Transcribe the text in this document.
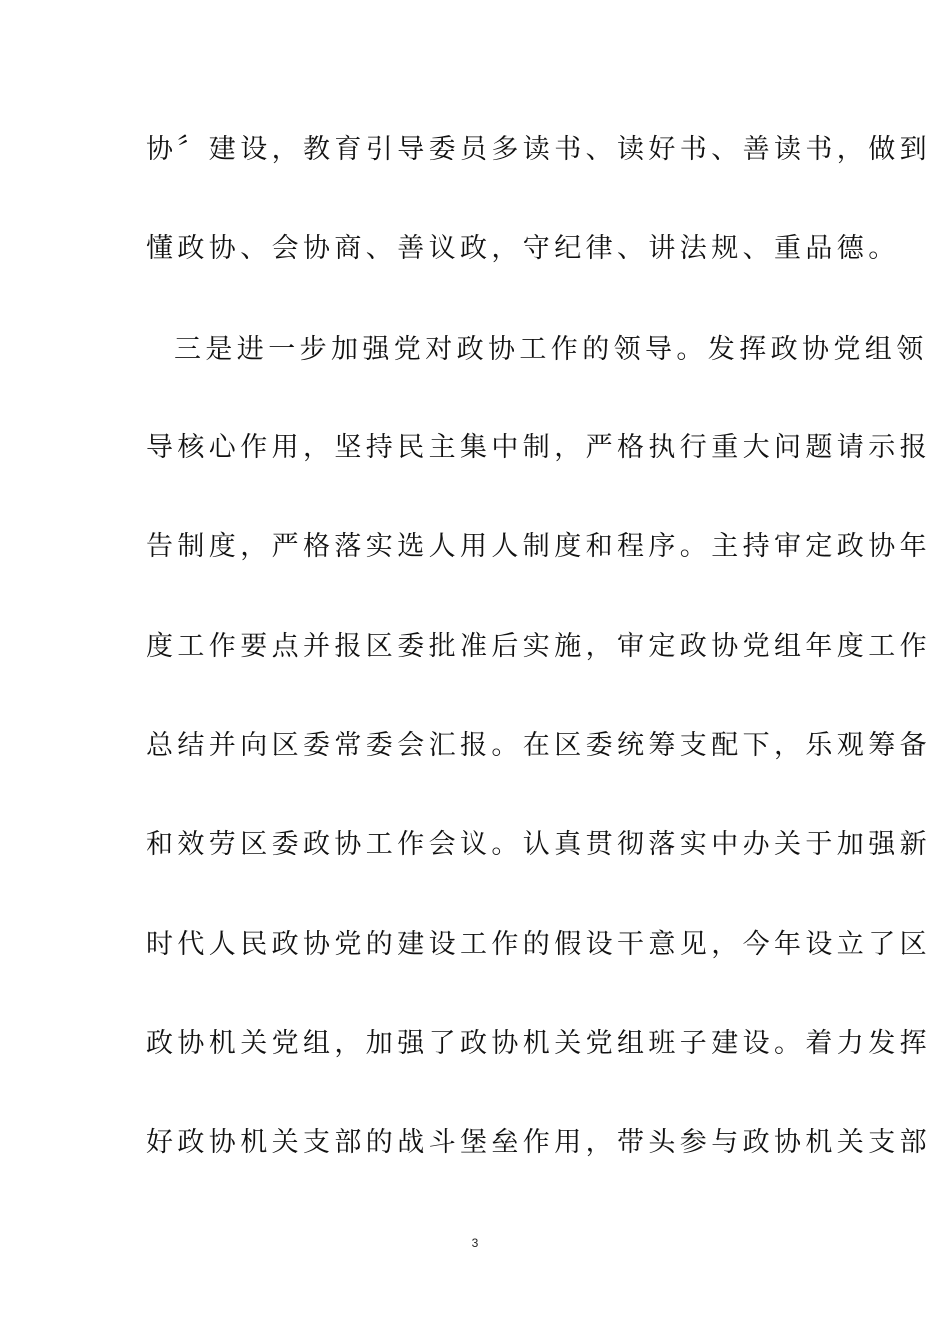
协〞建设，教育引导委员多读书、读好书、善读书，做到
懂政协、会协商、善议政，守纪律、讲法规、重品德。
三是进一步加强党对政协工作的领导。发挥政协党组领
导核心作用，坚持民主集中制，严格执行重大问题请示报
告制度，严格落实选人用人制度和程序。主持审定政协年
度工作要点并报区委批准后实施，审定政协党组年度工作
总结并向区委常委会汇报。在区委统筹支配下，乐观筹备
和效劳区委政协工作会议。认真贯彻落实中办关于加强新
时代人民政协党的建设工作的假设干意见，今年设立了区
政协机关党组，加强了政协机关党组班子建设。着力发挥
好政协机关支部的战斗堡垒作用，带头参与政协机关支部
3
